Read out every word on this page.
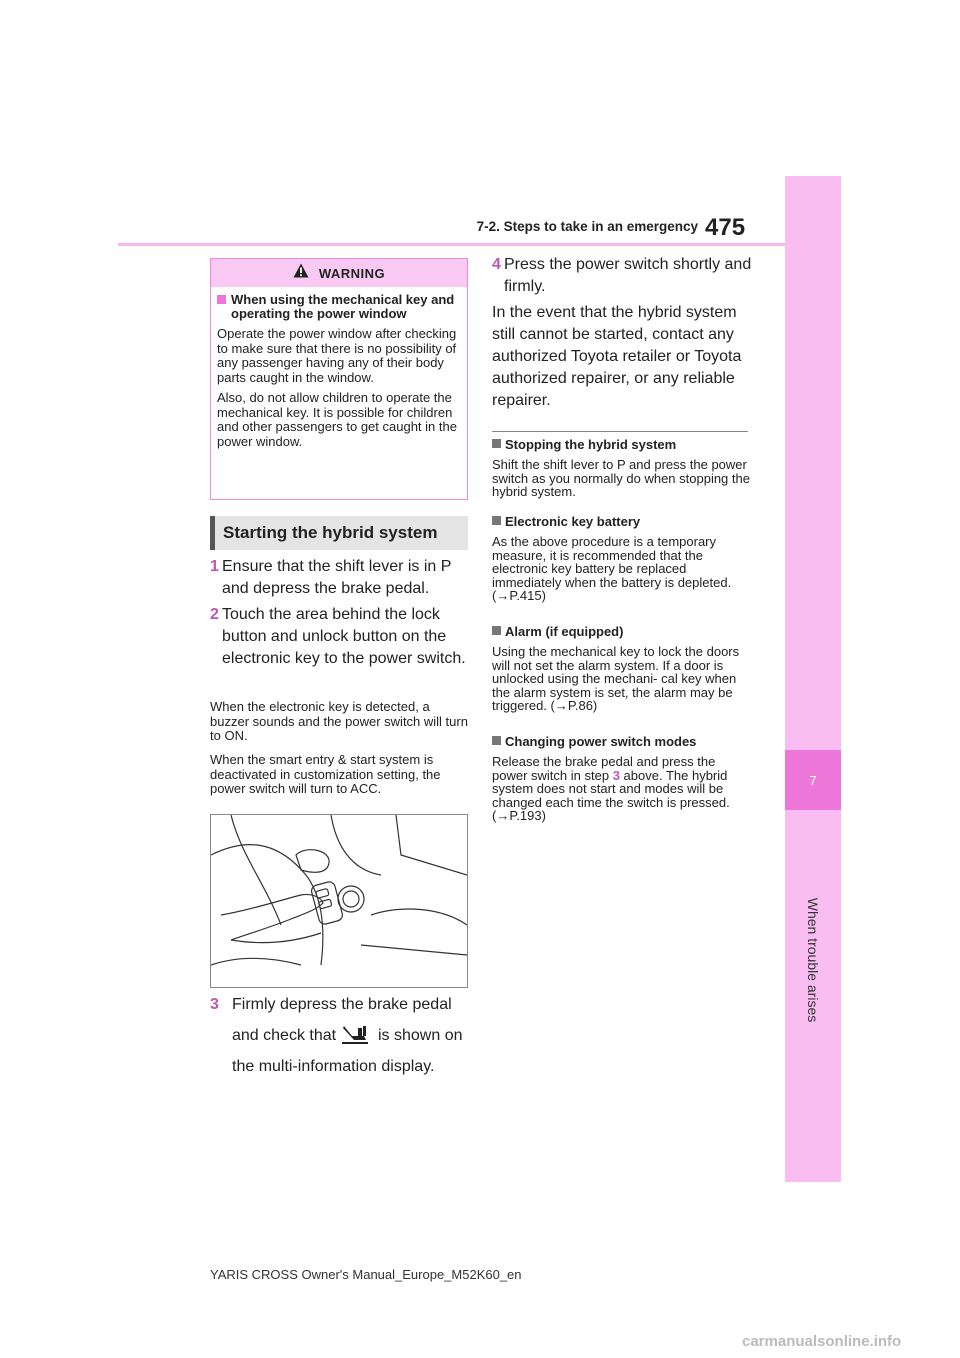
7-2. Steps to take in an emergency 475
7
When trouble arises
WARNING

When using the mechanical key and operating the power window

Operate the power window after checking to make sure that there is no possibility of any passenger having any of their body parts caught in the window.

Also, do not allow children to operate the mechanical key. It is possible for children and other passengers to get caught in the power window.

Starting the hybrid system
1 Ensure that the shift lever is in P and depress the brake pedal.
2 Touch the area behind the lock button and unlock button on the electronic key to the power switch.

When the electronic key is detected, a buzzer sounds and the power switch will turn to ON.

When the smart entry & start system is deactivated in customization setting, the power switch will turn to ACC.

3 Firmly depress the brake pedal
and check that	is shown on
the multi-information display.
4 Press the power switch shortly and firmly.

In the event that the hybrid system still cannot be started, contact any authorized Toyota retailer or Toyota authorized repairer, or any reliable repairer.

Stopping the hybrid system

Shift the shift lever to P and press the power switch as you normally do when stopping the hybrid system.

Electronic key battery

As the above procedure is a temporary measure, it is recommended that the electronic key battery be replaced immediately when the battery is depleted. (→P.415)

Alarm (if equipped)

Using the mechanical key to lock the doors will not set the alarm system. If a door is unlocked using the mechani- cal key when the alarm system is set, the alarm may be triggered. (→P.86)

Changing power switch modes

Release the brake pedal and press the power switch in step 3 above. The hybrid system does not start and modes will be changed each time the switch is pressed. (→P.193)

YARIS CROSS Owner's Manual_Europe_M52K60_en
carmanualsonline.info
